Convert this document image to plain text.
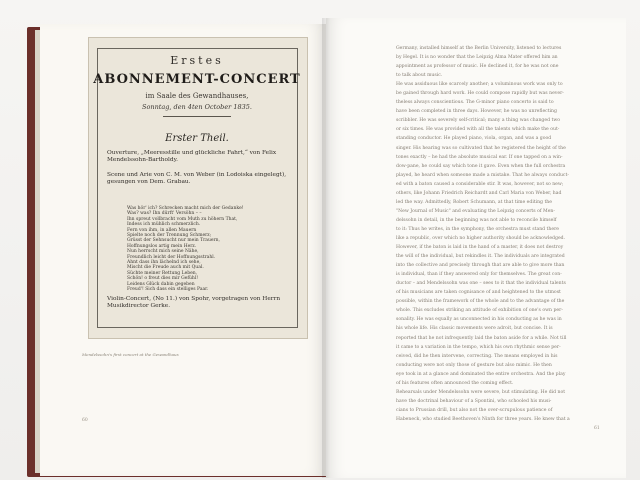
Erstes
ABONNEMENT-CONCERT
im Saale des Gewandhauses,
Sonntag, den 4ten October 1835.
Erster Theil.
Ouverture, „Meeresstille und glückliche Fahrt,“ von Felix Mendelssohn-Bartholdy.
Scene und Arie von C. M. von Weber (in Lodoiska eingelegt), gesungen von Dem. Grabau.
Was hör' ich? Schrecken macht mich der Gedanke!
Was? was? Ihn dürft' Versöhn – –
Ihn spreut vollbracht vom Muth zu höhern That,
Indess ich mühlich schmerzlich.
Fern von ihm, in allen Mauern
Spielte noch der Trennung Schmerz;
Grüsst der Sehnsucht nur mein Trauern,
Hoffnungslos artig mein Herz.
Nun herrscht mich seine Nähe,
Freundlich leicht der Hoffnungsstrahl.
Ahnt dass ihn lächelnd ich sehe,
Mischt die Freude auch mit Qual.
Süchte meiner Rettung Leben,
Schön! o freut dies mir Gefühl!
Leidens Glück dabin gegeben
Freud'! Sich dass ein stelliges Paar.
Violin-Concert, (No 11.) von Spohr, vorgetragen von Herrn Musikdirector Gerke.
Mendelssohn's first concert at the Gewandhaus
60
61
Germany, installed himself at the Berlin University, listened to lectures
by Hegel. It is no wonder that the Leipzig Alma Mater offered him an
appointment as professor of music. He declined it, for he was not one
to talk about music.
He was assiduous like scarcely another; a voluminous work was only to
be gained through hard work. He could compose rapidly but was never-
theless always conscientious. The G-minor piano concerto is said to
have been completed in three days. However, he was no unreflecting
scribbler. He was severely self-critical; many a thing was changed two
or six times. He was provided with all the talents which make the out-
standing conductor. He played piano, viola, organ, and was a good
singer. His hearing was so cultivated that he registered the height of the
tones exactly – he had the absolute musical ear. If one tapped on a win-
dow-pane, he could say which tone it gave. Even when the full orchestra
played, he heard when someone made a mistake. That he always conduct-
ed with a baton caused a considerable stir. It was, however, not so new;
others, like Johann Friedrich Reichardt and Carl Maria von Weber, had
led the way. Admittedly, Robert Schumann, at that time editing the
"New Journal of Music" and evaluating the Leipzig concerts of Men-
delssohn in detail, in the beginning was not able to reconcile himself
to it: Thus he writes, in the symphony, the orchestra must stand there
like a republic, over which no higher authority should be acknowledged.
However, if the baton is laid in the hand of a master, it does not destroy
the will of the individual, but rekindles it. The individuals are integrated
into the collective and precisely through that are able to give more than
is individual, than if they answered only for themselves. The great con-
ductor – and Mendelssohn was one – sees to it that the individual talents
of his musicians are taken cognisance of and heightened to the utmost
possible, within the framework of the whole and to the advantage of the
whole. This excludes striking an attitude of exhibition of one's own per-
sonality. He was equally as unconnected in his conducting as he was in
his whole life. His classic movements were adroit, but concise. It is
reported that he not infrequently laid the baton aside for a while. Not till
it came to a variation in the tempo, which his own rhythmic sense per-
ceived, did he then intervene, correcting. The means employed in his
conducting were not only those of gesture but also mimic. He then
eye took in at a glance and dominated the entire orchestra. And the play
of his features often announced the coming effect.
Rehearsals under Mendelssohn were severe, but stimulating. He did not
have the doctrinal behaviour of a Spontini, who schooled his musi-
cians to Prussian drill, but also not the over-scrupulous patience of
Habeneck, who studied Beethoven's Ninth for three years. He knew that a
